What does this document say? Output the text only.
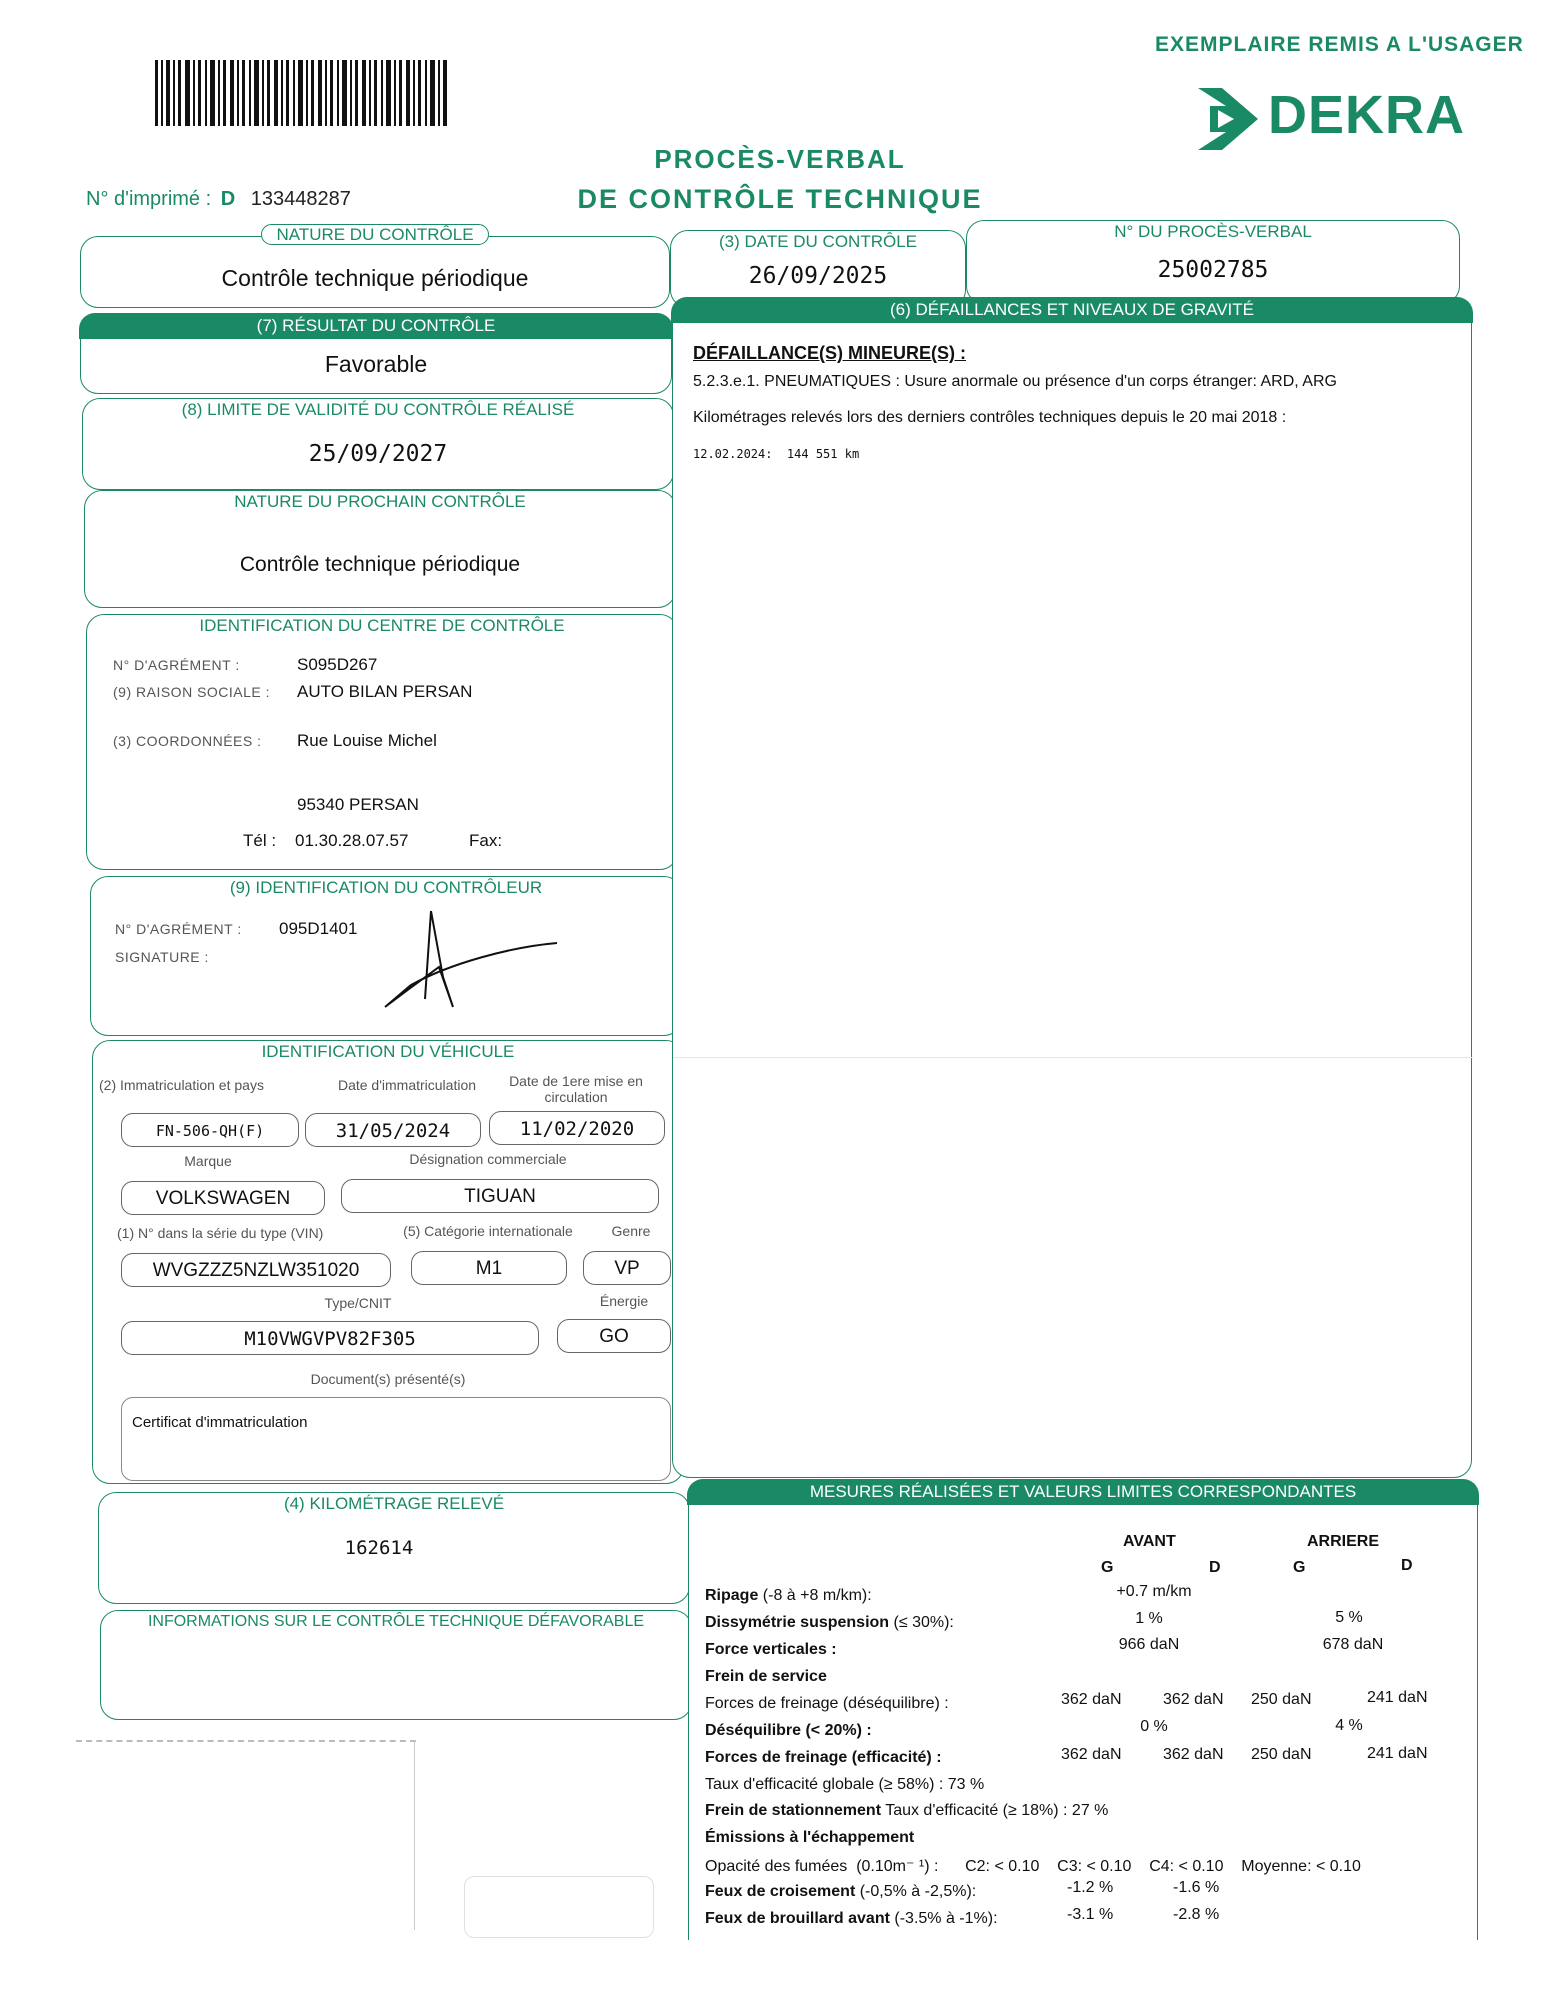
EXEMPLAIRE REMIS A L'USAGER
DEKRA
PROCÈS-VERBAL
DE CONTRÔLE TECHNIQUE
N° d'imprimé : D 133448287
NATURE DU CONTRÔLE
Contrôle technique périodique
(3) DATE DU CONTRÔLE
26/09/2025
N° DU PROCÈS-VERBAL
25002785
(7) RÉSULTAT DU CONTRÔLE
Favorable
(8) LIMITE DE VALIDITÉ DU CONTRÔLE RÉALISÉ
25/09/2027
NATURE DU PROCHAIN CONTRÔLE
Contrôle technique périodique
IDENTIFICATION DU CENTRE DE CONTRÔLE
N° D'AGRÉMENT :	S095D267
(9) RAISON SOCIALE : AUTO BILAN PERSAN
(3) COORDONNÉES : Rue Louise Michel
95340 PERSAN
Tél : 01.30.28.07.57	Fax:
(9) IDENTIFICATION DU CONTRÔLEUR
N° D'AGRÉMENT : 095D1401
SIGNATURE :
IDENTIFICATION DU VÉHICULE
(2) Immatriculation et pays	Date d'immatriculation	Date de 1ere mise en circulation
FN-506-QH(F)	31/05/2024	11/02/2020
Marque	Désignation commerciale
VOLKSWAGEN	TIGUAN
(1) N° dans la série du type (VIN)	(5) Catégorie internationale	Genre
WVGZZZ5NZLW351020	M1	VP
Type/CNIT	Énergie
M10VWGVPV82F305	GO
Document(s) présenté(s)
Certificat d'immatriculation
(4) KILOMÉTRAGE RELEVÉ
162614
INFORMATIONS SUR LE CONTRÔLE TECHNIQUE DÉFAVORABLE
(6) DÉFAILLANCES ET NIVEAUX DE GRAVITÉ
DÉFAILLANCE(S) MINEURE(S) :
5.2.3.e.1. PNEUMATIQUES : Usure anormale ou présence d'un corps étranger: ARD, ARG
Kilométrages relevés lors des derniers contrôles techniques depuis le 20 mai 2018 :
12.02.2024:  144 551 km
MESURES RÉALISÉES ET VALEURS LIMITES CORRESPONDANTES
AVANT	ARRIERE
G	D	G	D
Ripage (-8 à +8 m/km):	+0.7 m/km
Dissymétrie suspension (≤ 30%):	1 %	5 %
Force verticales :	966 daN	678 daN
Frein de service
Forces de freinage (déséquilibre) :	362 daN	362 daN 250 daN	241 daN
Déséquilibre (< 20%) :	0 %	4 %
Forces de freinage (efficacité) :	362 daN	362 daN 250 daN	241 daN
Taux d'efficacité globale (≥ 58%) : 73 %
Frein de stationnement Taux d'efficacité (≥ 18%) : 27 %
Émissions à l'échappement
Opacité des fumées  (0.10m⁻ ¹) :      C2: < 0.10    C3: < 0.10    C4: < 0.10    Moyenne: < 0.10
Feux de croisement (-0,5% à -2,5%):	-1.2 %	-1.6 %
Feux de brouillard avant (-3.5% à -1%):	-3.1 %	-2.8 %
